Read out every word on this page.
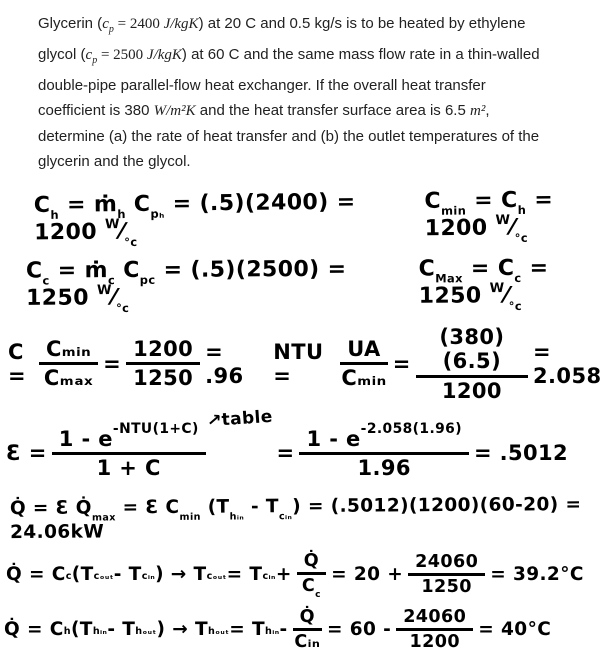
Glycerin ($c_p = 2400$ J/kgK) at 20 C and 0.5 kg/s is to be heated by ethylene
glycol ($c_p = 2500$ J/kgK) at 60 C and the same mass flow rate in a thin-walled
double-pipe parallel-flow heat exchanger. If the overall heat transfer
coefficient is 380 W/m²K and the heat transfer surface area is 6.5 m²,
determine (a) the rate of heat transfer and (b) the outlet temperatures of the
glycerin and the glycol.
$C_h$ = ṁ$_h$ $C_{p_h} = (.5)(2400) = 1200$ $^W⁄_{^\circ c}$
$C_{min} = C_h = 1200$ $^W⁄_{^\circ c}$
$C_c$ = ṁ$_c$ $C_{pc} = (.5)(2500) = 1250$ $^W⁄_{^\circ c}$
$C_{Max} = C_c = 1250$ $^W⁄_{^\circ c}$
$C = \frac{\text{Cₘᵢₙ}}{\text{Cₘₐₓ}} = \frac{1200}{1250} = .96$
NTU =	$\frac{UA}{\text{Cₘᵢₙ}} = \frac{(380)(6.5)}{1200} = 2.058$
Ɛ = $\frac{1 - e^{-NTU(1+C)}}{1 + C}$
↗table
= $\frac{1 - e^{-2.058(1.96)}}{1.96} = .5012$
Q̇ = Ɛ $Q̇_{max}$ = Ɛ $C_{min}$ $(T_{hᵢ_n} - T_{cᵢ_n}) = (.5012)(1200)(60-20) = 24.06kW$
Q̇ = $C_c$ ($T_{c_oᵤ_t} - T_{cᵢ_n}$ ) → $T_{c_oᵤ_t} = T_{cᵢ_n} + \frac{Q̇}{C_c} = 20 + \frac{24060}{1250} = 39.2^\circ C$
Q̇ = $C_h$ ($T_{hᵢ_n} - T_{h_oᵤ_t}$ ) → $T_{h_oᵤ_t} = T_{hᵢ_n} - \frac{Q̇}{\text{Cᵢₙ}} = 60 - \frac{24060}{1200} = 40^\circ C$
